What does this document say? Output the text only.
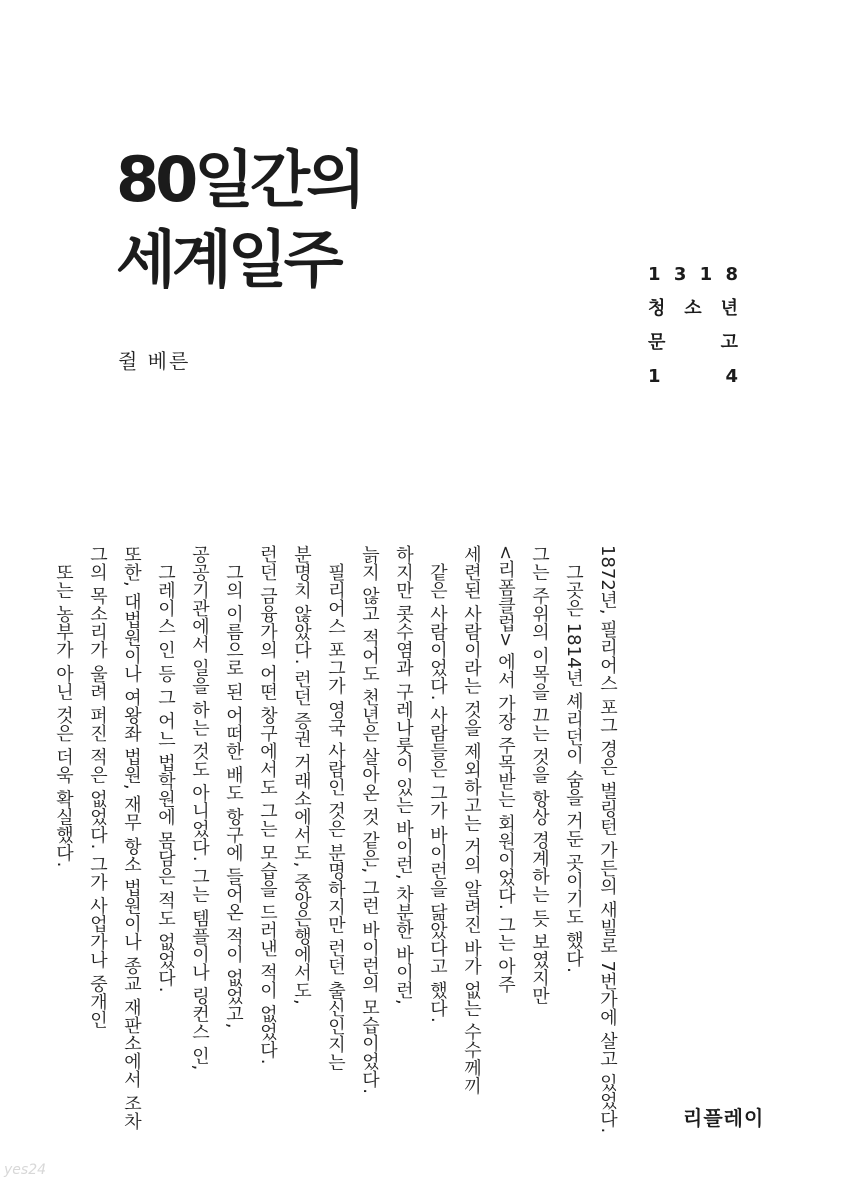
80일간의
세계일주
쥘 베른
1 3 1 8
청 소 년
문	고
1	4
1872년, 필리어스 포그 경은 벌링턴 가든의 새빌로 7번가에 살고 있었다.
그곳은 1814년 셰리던이 숨을 거둔 곳이기도 했다.
그는 주위의 이목을 끄는 것을 항상 경계하는 듯 보였지만
<리폼클럽> 에서 가장 주목받는 회원이었다. 그는 아주
세련된 사람이라는 것을 제외하고는 거의 알려진 바가 없는 수수께끼
같은 사람이었다. 사람들은 그가 바이런을 닮았다고 했다.
하지만 콧수염과 구레나룻이 있는 바이런, 차분한 바이런,
늙지 않고 적어도 천년은 살아온 것 같은, 그런 바이런의 모습이었다.
필리어스 포그가 영국 사람인 것은 분명하지만 런던 출신인지는
분명치 않았다. 런던 증권 거래소에서도, 중앙은행에서도,
런던 금융가의 어떤 창구에서도 그는 모습을 드러낸 적이 없었다.
그의 이름으로 된 어떠한 배도 항구에 들어온 적이 없었고,
공공기관에서 일을 하는 것도 아니었다. 그는 템플이나 링컨스 인,
그레이스 인 등 그 어느 법학원에 몸담은 적도 없었다.
또한, 대법원이나 여왕좌 법원, 재무 항소 법원이나 종교 재판소에서 조차
그의 목소리가 울려 퍼진 적은 없었다. 그가 사업가나 중개인
또는 농부가 아닌 것은 더욱 확실했다.
리플레이
yes24
